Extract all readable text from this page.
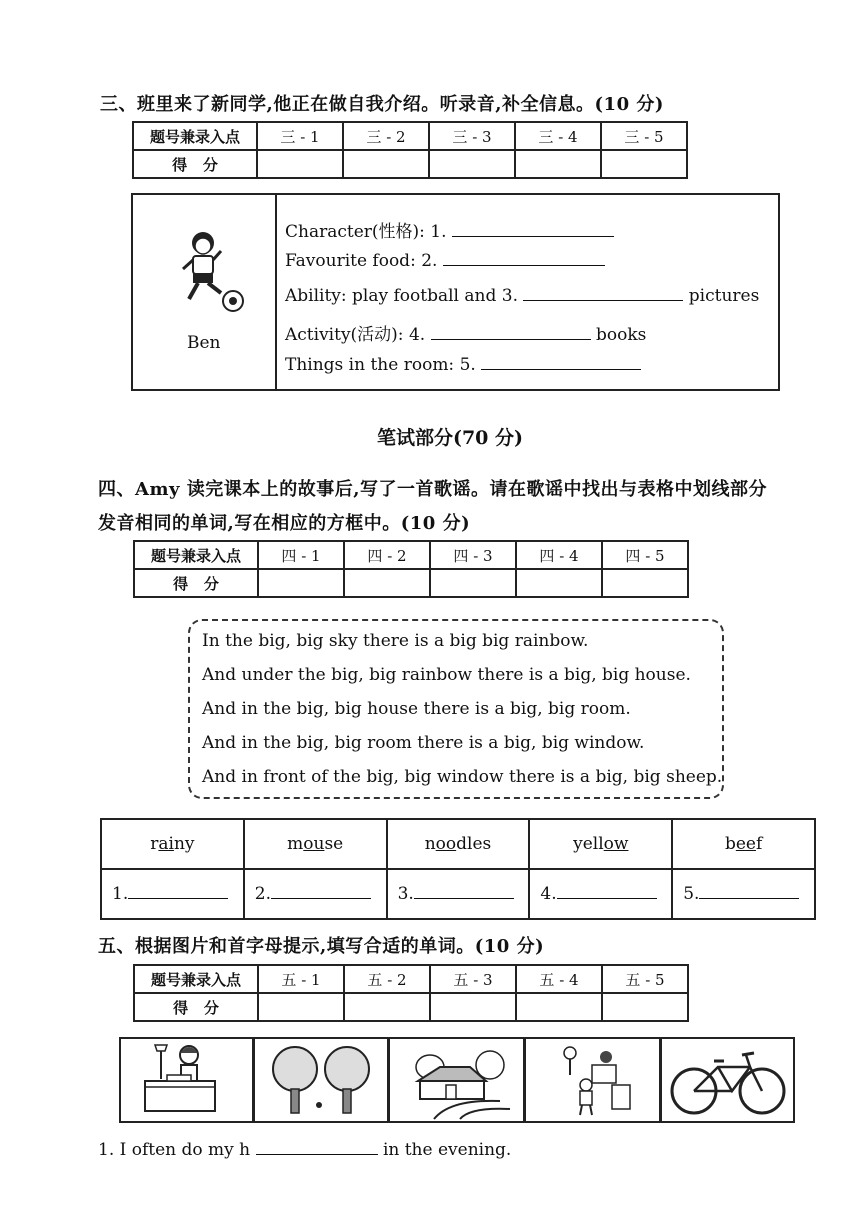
三、班里来了新同学,他正在做自我介绍。听录音,补全信息。(10 分)
题号兼录入点	三 - 1	三 - 2	三 - 3	三 - 4	三 - 5
得   分					
Ben
Character(性格): 1.
Favourite food: 2.
Ability: play football and 3.	pictures
Activity(活动): 4.	books
Things in the room: 5.
笔试部分(70 分)
四、Amy 读完课本上的故事后,写了一首歌谣。请在歌谣中找出与表格中划线部分
发音相同的单词,写在相应的方框中。(10 分)
题号兼录入点	四 - 1	四 - 2	四 - 3	四 - 4	四 - 5
得   分					
In the big, big sky there is a big big rainbow.
And under the big, big rainbow there is a big, big house.
And in the big, big house there is a big, big room.
And in the big, big room there is a big, big window.
And in front of the big, big window there is a big, big sheep.
rainy	mouse	noodles	yellow	beef
1.	2.	3.	4.	5.
五、根据图片和首字母提示,填写合适的单词。(10 分)
题号兼录入点	五 - 1	五 - 2	五 - 3	五 - 4	五 - 5
得   分					
1. I often do my h	in the evening.
